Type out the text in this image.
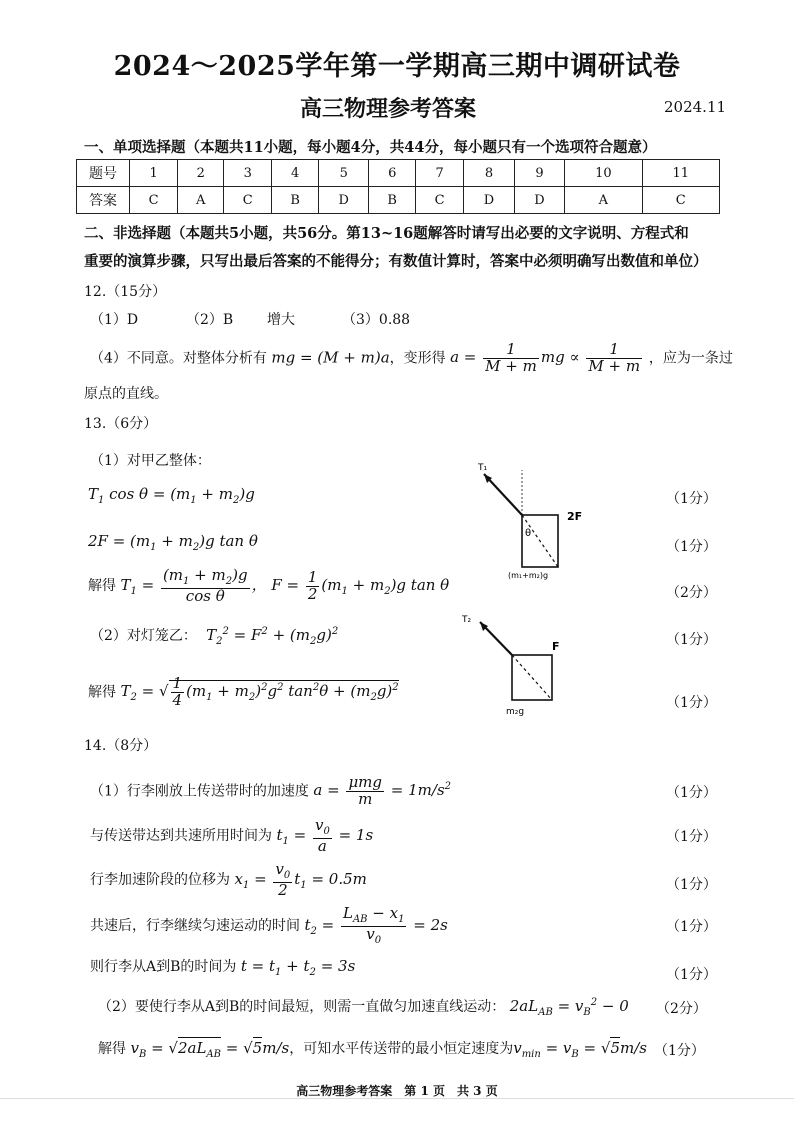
2024～2025学年第一学期高三期中调研试卷
高三物理参考答案	2024.11
一、单项选择题（本题共11小题，每小题4分，共44分，每小题只有一个选项符合题意）
题号	1	2	3	4	5	6	7	8	9	10	11
答案	C	A	C	B	D	B	C	D	D	A	C
二、非选择题（本题共5小题，共56分。第13~16题解答时请写出必要的文字说明、方程式和
重要的演算步骤，只写出最后答案的不能得分；有数值计算时，答案中必须明确写出数值和单位）
12.（15分）
（1）D	（2）B 增大	（3）0.88
（4）不同意。对整体分析有 mg = (M + m)a，变形得 $a = \frac{1}{M + m}$ mg ∝ $\frac{1}{M + m}$ ，应为一条过
原点的直线。
13.（6分）
（1）对甲乙整体：
$T_1$ $\cos \theta = (m_1 + m_2)g$	（1分）
$2F = (m_1 + m_2)g$ tan θ	（1分）
解得 $T_1 = \frac{(m_1 + m_2)g}{\text{cos θ}}$ ， $F = \frac{1}{2} (m_1 + m_2)g$ tan θ	（2分）
（2）对灯笼乙：  $T_2^2 = F^2 + (m_2g)^2$
（1分）
解得 $T_2$ = √ $\frac{1}{4} (m_1 + m_2)^2g^2$ $\tan^2\theta + (m_2g)^2$
（1分）
T₁
2F
θ
(m₁+m₂)g
T₂
F
m₂g
14.（8分）
（1）行李刚放上传送带时的加速度 $a = \frac{\text{μmg}}{m} = 1m/s^2$	（1分）
与传送带达到共速所用时间为 $t_1 = \frac{v_0}{a} = 1s$	（1分）
行李加速阶段的位移为 $x_1 = \frac{v_0}{2} t_1 = 0.5m$	（1分）
共速后，行李继续匀速运动的时间 $t_2 = \frac{L_{AB} - x_1}{v_0} = 2s$	（1分）
则行李从A到B的时间为 $t = t_1 + t_2 = 3s$	（1分）
（2）要使行李从A到B的时间最短，则需一直做匀加速直线运动： $2aL_{AB} = v_B^2 - 0$ （2分）
解得 $v_B = √2aL_{AB} = √5m/s$，可知水平传送带的最小恒定速度为$v_{min} = v_B = √5m/s$ （1分）
高三物理参考答案　第 1 页　共 3 页
